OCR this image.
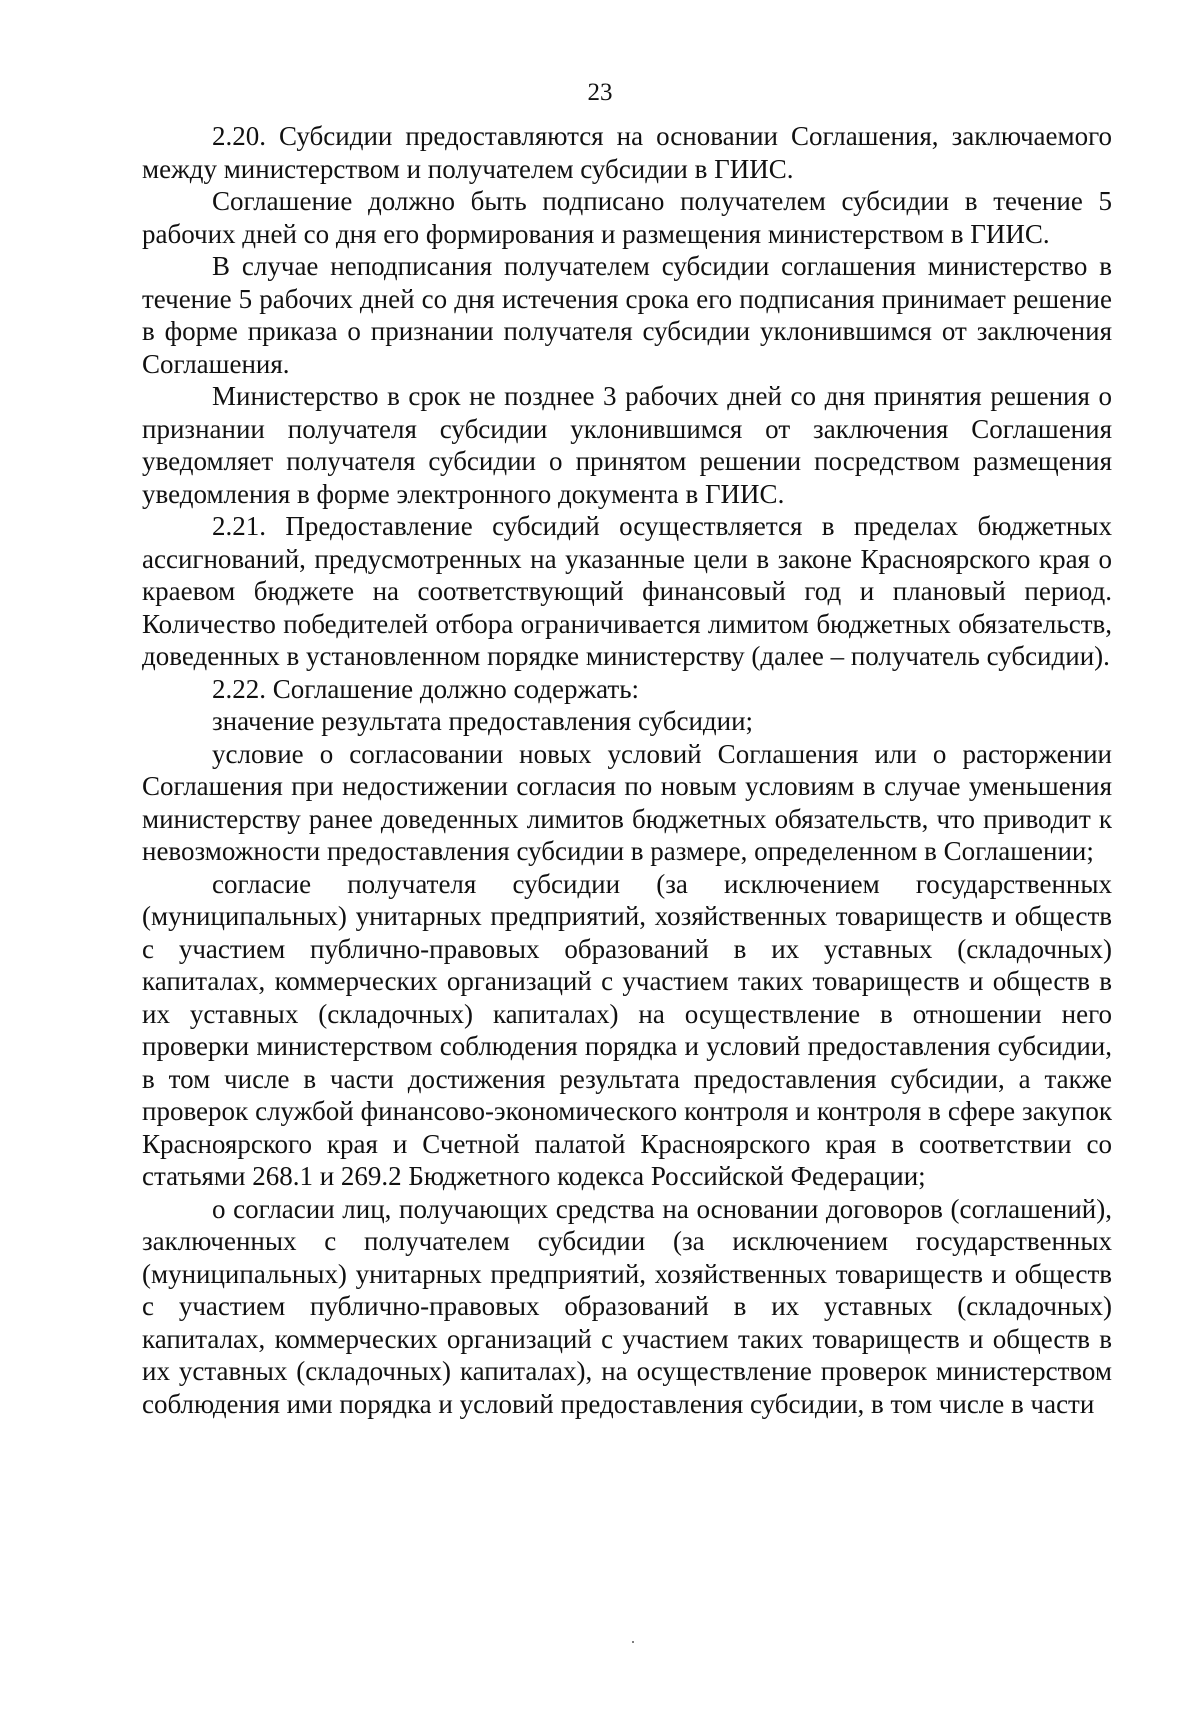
23

2.20. Субсидии предоставляются на основании Соглашения, заключаемого между министерством и получателем субсидии в ГИИС.

Соглашение должно быть подписано получателем субсидии в течение 5 рабочих дней со дня его формирования и размещения министерством в ГИИС.

В случае неподписания получателем субсидии соглашения министерство в течение 5 рабочих дней со дня истечения срока его подписания принимает решение в форме приказа о признании получателя субсидии уклонившимся от заключения Соглашения.

Министерство в срок не позднее 3 рабочих дней со дня принятия решения о признании получателя субсидии уклонившимся от заключения Соглашения уведомляет получателя субсидии о принятом решении посредством размещения уведомления в форме электронного документа в ГИИС.

2.21. Предоставление субсидий осуществляется в пределах бюджетных ассигнований, предусмотренных на указанные цели в законе Красноярского края о краевом бюджете на соответствующий финансовый год и плановый период. Количество победителей отбора ограничивается лимитом бюджетных обязательств, доведенных в установленном порядке министерству (далее – получатель субсидии).

2.22. Соглашение должно содержать:

значение результата предоставления субсидии;

условие о согласовании новых условий Соглашения или о расторжении Соглашения при недостижении согласия по новым условиям в случае уменьшения министерству ранее доведенных лимитов бюджетных обязательств, что приводит к невозможности предоставления субсидии в размере, определенном в Соглашении;

согласие получателя субсидии (за исключением государственных (муниципальных) унитарных предприятий, хозяйственных товариществ и обществ с участием публично-правовых образований в их уставных (складочных) капиталах, коммерческих организаций с участием таких товариществ и обществ в их уставных (складочных) капиталах) на осуществление в отношении него проверки министерством соблюдения порядка и условий предоставления субсидии, в том числе в части достижения результата предоставления субсидии, а также проверок службой финансово-экономического контроля и контроля в сфере закупок Красноярского края и Счетной палатой Красноярского края в соответствии со статьями 268.1 и 269.2 Бюджетного кодекса Российской Федерации;

о согласии лиц, получающих средства на основании договоров (соглашений), заключенных с получателем субсидии (за исключением государственных (муниципальных) унитарных предприятий, хозяйственных товариществ и обществ с участием публично-правовых образований в их уставных (складочных) капиталах, коммерческих организаций с участием таких товариществ и обществ в их уставных (складочных) капиталах), на осуществление проверок министерством соблюдения ими порядка и условий предоставления субсидии, в том числе в части
